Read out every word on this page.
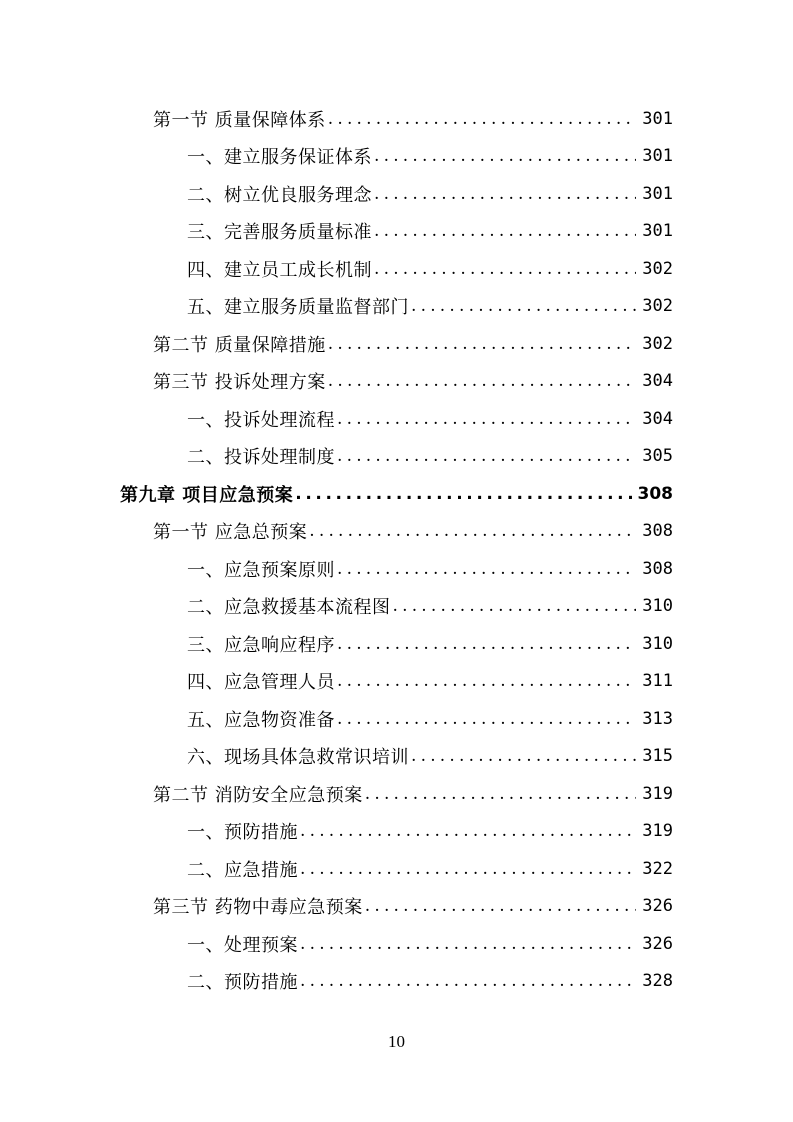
第一节 质量保障体系 .....	301
一、建立服务保证体系 .....	301
二、树立优良服务理念 .....	301
三、完善服务质量标准 .....	301
四、建立员工成长机制 .....	302
五、建立服务质量监督部门 .....	302
第二节 质量保障措施 .....	302
第三节 投诉处理方案 .....	304
一、投诉处理流程 .....	304
二、投诉处理制度 .....	305
第九章 项目应急预案 .....	308
第一节 应急总预案 .....	308
一、应急预案原则 .....	308
二、应急救援基本流程图 .....	310
三、应急响应程序 .....	310
四、应急管理人员 .....	311
五、应急物资准备 .....	313
六、现场具体急救常识培训 .....	315
第二节 消防安全应急预案 .....	319
一、预防措施 .....	319
二、应急措施 .....	322
第三节 药物中毒应急预案 .....	326
一、处理预案 .....	326
二、预防措施 .....	328
10
